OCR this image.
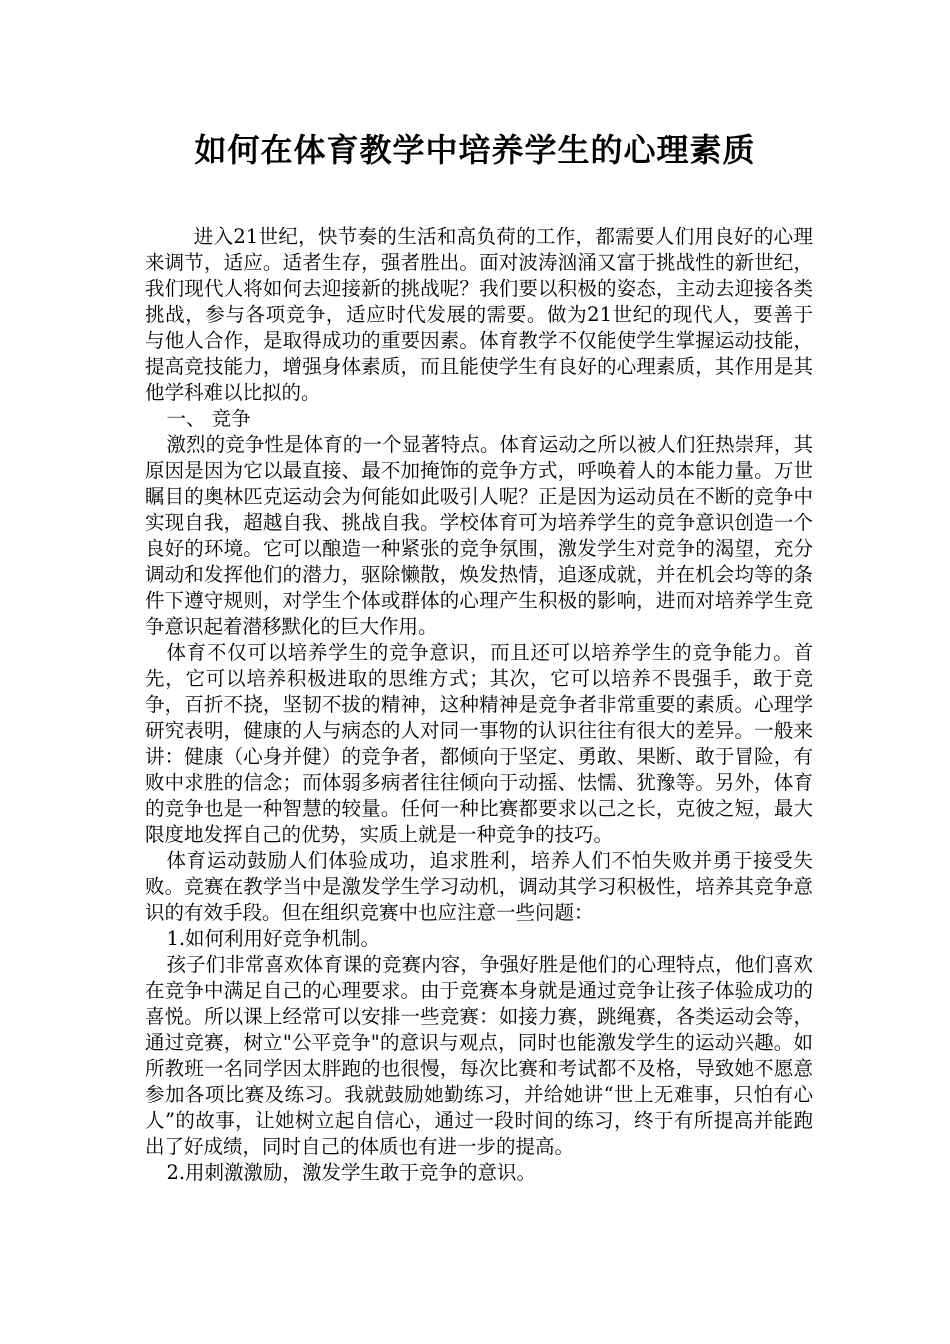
如何在体育教学中培养学生的心理素质

进入21世纪，快节奏的生活和高负荷的工作，都需要人们用良好的心理来调节，适应。适者生存，强者胜出。面对波涛汹涌又富于挑战性的新世纪，我们现代人将如何去迎接新的挑战呢？我们要以积极的姿态，主动去迎接各类挑战，参与各项竞争，适应时代发展的需要。做为21世纪的现代人，要善于与他人合作，是取得成功的重要因素。体育教学不仅能使学生掌握运动技能，提高竞技能力，增强身体素质，而且能使学生有良好的心理素质，其作用是其他学科难以比拟的。

一、 竞争

激烈的竞争性是体育的一个显著特点。体育运动之所以被人们狂热崇拜，其原因是因为它以最直接、最不加掩饰的竞争方式，呼唤着人的本能力量。万世瞩目的奥林匹克运动会为何能如此吸引人呢？正是因为运动员在不断的竞争中实现自我，超越自我、挑战自我。学校体育可为培养学生的竞争意识创造一个良好的环境。它可以酿造一种紧张的竞争氛围，激发学生对竞争的渴望，充分调动和发挥他们的潜力，驱除懒散，焕发热情，追逐成就，并在机会均等的条件下遵守规则，对学生个体或群体的心理产生积极的影响，进而对培养学生竞争意识起着潜移默化的巨大作用。

体育不仅可以培养学生的竞争意识，而且还可以培养学生的竞争能力。首先，它可以培养积极进取的思维方式；其次，它可以培养不畏强手，敢于竞争，百折不挠，坚韧不拔的精神，这种精神是竞争者非常重要的素质。心理学研究表明，健康的人与病态的人对同一事物的认识往往有很大的差异。一般来讲：健康（心身并健）的竞争者，都倾向于坚定、勇敢、果断、敢于冒险，有败中求胜的信念；而体弱多病者往往倾向于动摇、怯懦、犹豫等。另外，体育的竞争也是一种智慧的较量。任何一种比赛都要求以己之长，克彼之短，最大限度地发挥自己的优势，实质上就是一种竞争的技巧。

体育运动鼓励人们体验成功，追求胜利，培养人们不怕失败并勇于接受失败。竞赛在教学当中是激发学生学习动机，调动其学习积极性，培养其竞争意识的有效手段。但在组织竞赛中也应注意一些问题：

1.如何利用好竞争机制。

孩子们非常喜欢体育课的竞赛内容，争强好胜是他们的心理特点，他们喜欢在竞争中满足自己的心理要求。由于竞赛本身就是通过竞争让孩子体验成功的喜悦。所以课上经常可以安排一些竞赛：如接力赛，跳绳赛，各类运动会等，通过竞赛，树立"公平竞争"的意识与观点，同时也能激发学生的运动兴趣。如所教班一名同学因太胖跑的也很慢，每次比赛和考试都不及格，导致她不愿意参加各项比赛及练习。我就鼓励她勤练习，并给她讲“世上无难事，只怕有心人”的故事，让她树立起自信心，通过一段时间的练习，终于有所提高并能跑出了好成绩，同时自己的体质也有进一步的提高。

2.用刺激激励，激发学生敢于竞争的意识。
